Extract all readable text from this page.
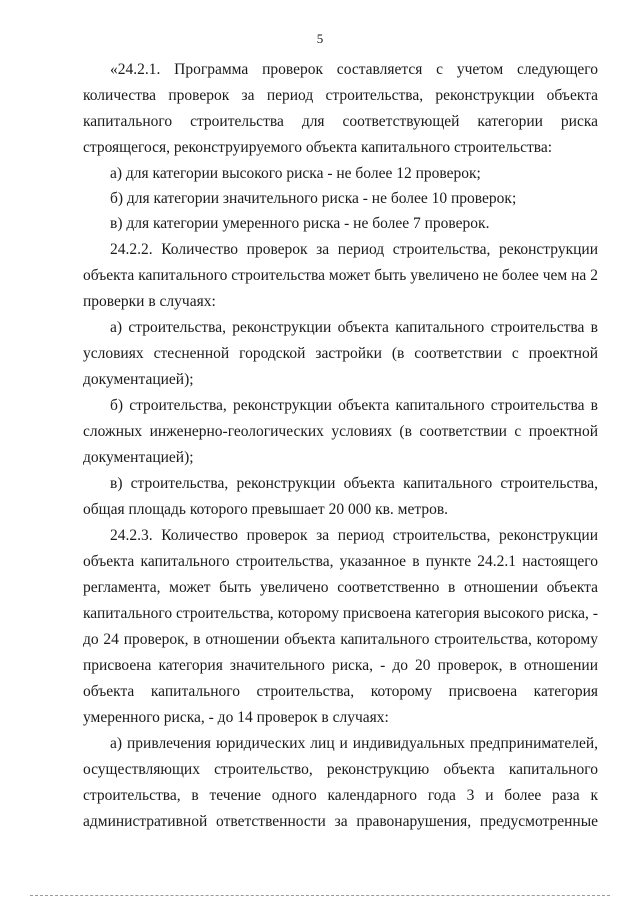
5
«24.2.1. Программа проверок составляется с учетом следующего
количества проверок за период строительства, реконструкции объекта
капитального строительства для соответствующей категории риска
строящегося, реконструируемого объекта капитального строительства:
а) для категории высокого риска - не более 12 проверок;
б) для категории значительного риска - не более 10 проверок;
в) для категории умеренного риска - не более 7 проверок.
24.2.2. Количество проверок за период строительства, реконструкции
объекта капитального строительства может быть увеличено не более чем на 2
проверки в случаях:
а) строительства, реконструкции объекта капитального строительства в
условиях стесненной городской застройки (в соответствии с проектной
документацией);
б) строительства, реконструкции объекта капитального строительства в
сложных инженерно-геологических условиях (в соответствии с проектной
документацией);
в) строительства, реконструкции объекта капитального строительства,
общая площадь которого превышает 20 000 кв. метров.
24.2.3. Количество проверок за период строительства, реконструкции
объекта капитального строительства, указанное в пункте 24.2.1 настоящего
регламента, может быть увеличено соответственно в отношении объекта
капитального строительства, которому присвоена категория высокого риска, -
до 24 проверок, в отношении объекта капитального строительства, которому
присвоена категория значительного риска, - до 20 проверок, в отношении
объекта капитального строительства, которому присвоена категория
умеренного риска, - до 14 проверок в случаях:
а) привлечения юридических лиц и индивидуальных предпринимателей,
осуществляющих строительство, реконструкцию объекта капитального
строительства, в течение одного календарного года 3 и более раза к
административной ответственности за правонарушения, предусмотренные
